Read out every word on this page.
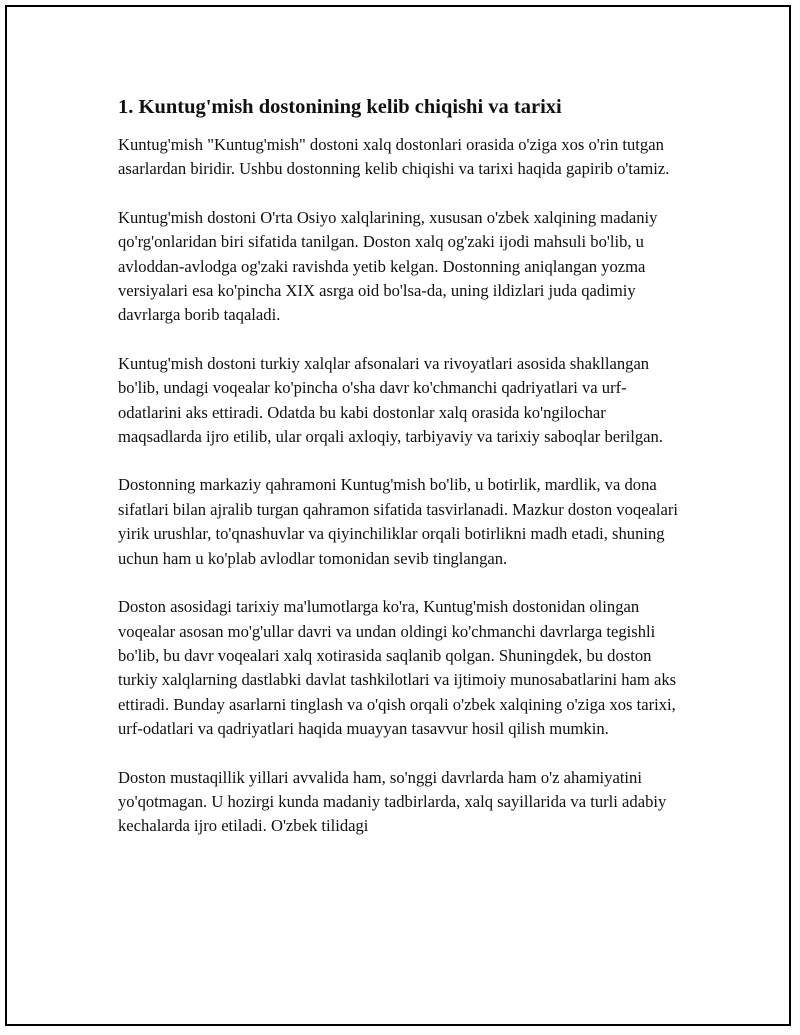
1. Kuntug'mish dostonining kelib chiqishi va tarixi

Kuntug'mish "Kuntug'mish" dostoni xalq dostonlari orasida o'ziga xos o'rin tutgan asarlardan biridir. Ushbu dostonning kelib chiqishi va tarixi haqida gapirib o'tamiz.

Kuntug'mish dostoni O'rta Osiyo xalqlarining, xususan o'zbek xalqining madaniy qo'rg'onlaridan biri sifatida tanilgan. Doston xalq og'zaki ijodi mahsuli bo'lib, u avloddan-avlodga og'zaki ravishda yetib kelgan. Dostonning aniqlangan yozma versiyalari esa ko'pincha XIX asrga oid bo'lsa-da, uning ildizlari juda qadimiy davrlarga borib taqaladi.

Kuntug'mish dostoni turkiy xalqlar afsonalari va rivoyatlari asosida shakllangan bo'lib, undagi voqealar ko'pincha o'sha davr ko'chmanchi qadriyatlari va urf-odatlarini aks ettiradi. Odatda bu kabi dostonlar xalq orasida ko'ngilochar maqsadlarda ijro etilib, ular orqali axloqiy, tarbiyaviy va tarixiy saboqlar berilgan.

Dostonning markaziy qahramoni Kuntug'mish bo'lib, u botirlik, mardlik, va dona sifatlari bilan ajralib turgan qahramon sifatida tasvirlanadi. Mazkur doston voqealari yirik urushlar, to'qnashuvlar va qiyinchiliklar orqali botirlikni madh etadi, shuning uchun ham u ko'plab avlodlar tomonidan sevib tinglangan.

Doston asosidagi tarixiy ma'lumotlarga ko'ra, Kuntug'mish dostonidan olingan voqealar asosan mo'g'ullar davri va undan oldingi ko'chmanchi davrlarga tegishli bo'lib, bu davr voqealari xalq xotirasida saqlanib qolgan. Shuningdek, bu doston turkiy xalqlarning dastlabki davlat tashkilotlari va ijtimoiy munosabatlarini ham aks ettiradi. Bunday asarlarni tinglash va o'qish orqali o'zbek xalqining o'ziga xos tarixi, urf-odatlari va qadriyatlari haqida muayyan tasavvur hosil qilish mumkin.

Doston mustaqillik yillari avvalida ham, so'nggi davrlarda ham o'z ahamiyatini yo'qotmagan. U hozirgi kunda madaniy tadbirlarda, xalq sayillarida va turli adabiy kechalarda ijro etiladi. O'zbek tilidagi
